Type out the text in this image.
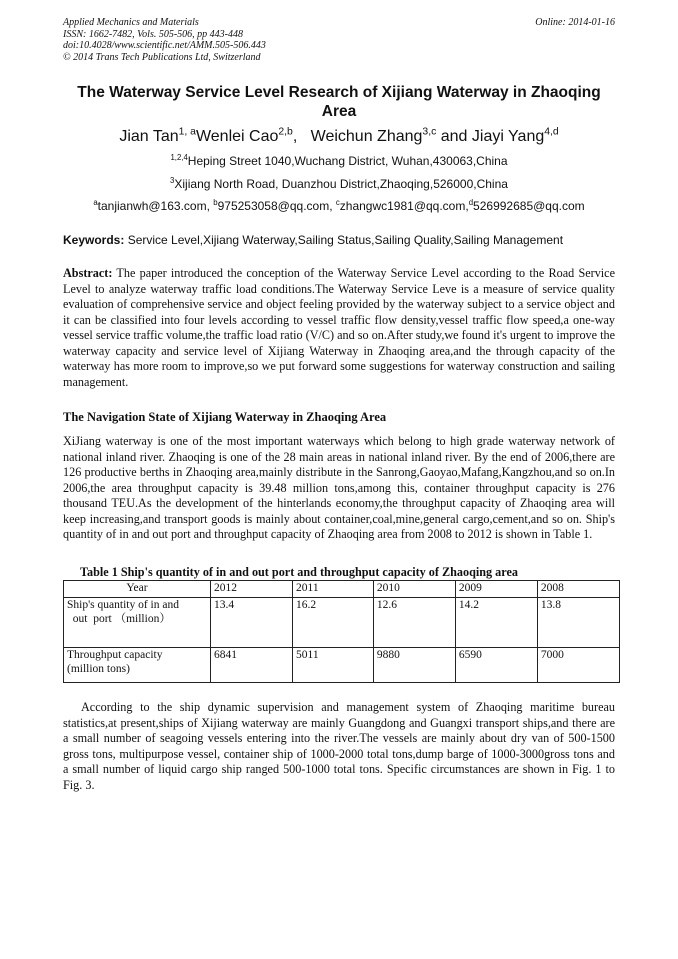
Applied Mechanics and Materials
ISSN: 1662-7482, Vols. 505-506, pp 443-448
doi:10.4028/www.scientific.net/AMM.505-506.443
© 2014 Trans Tech Publications Ltd, Switzerland
Online: 2014-01-16
The Waterway Service Level Research of Xijiang Waterway in Zhaoqing Area
Jian Tan$^{1, a}$Wenlei Cao$^{2,b}$, Weichun Zhang$^{3,c}$ and Jiayi Yang$^{4,d}$
$^{1,2,4}$Heping Street 1040,Wuchang District, Wuhan,430063,China
$^3$Xijiang North Road, Duanzhou District,Zhaoqing,526000,China
$^a$tanjianwh@163.com, $^b$975253058@qq.com, $^c$zhangwc1981@qq.com,$^d$526992685@qq.com
Keywords: Service Level,Xijiang Waterway,Sailing Status,Sailing Quality,Sailing Management
Abstract: The paper introduced the conception of the Waterway Service Level according to the Road Service Level to analyze waterway traffic load conditions.The Waterway Service Leve is a measure of service quality evaluation of comprehensive service and object feeling provided by the waterway subject to a service object and it can be classified into four levels according to vessel traffic flow density,vessel traffic flow speed,a one-way vessel service traffic volume,the traffic load ratio (V/C) and so on.After study,we found it's urgent to improve the waterway capacity and service level of Xijiang Waterway in Zhaoqing area,and the through capacity of the waterway has more room to improve,so we put forward some suggestions for waterway construction and sailing management.
The Navigation State of Xijiang Waterway in Zhaoqing Area
XiJiang waterway is one of the most important waterways which belong to high grade waterway network of national inland river. Zhaoqing is one of the 28 main areas in national inland river. By the end of 2006,there are 126 productive berths in Zhaoqing area,mainly distribute in the Sanrong,Gaoyao,Mafang,Kangzhou,and so on.In 2006,the area throughput capacity is 39.48 million tons,among this, container throughput capacity is 276 thousand TEU.As the development of the hinterlands economy,the throughput capacity of Zhaoqing area will keep increasing,and transport goods is mainly about container,coal,mine,general cargo,cement,and so on. Ship's quantity of in and out port and throughput capacity of Zhaoqing area from 2008 to 2012 is shown in Table 1.
Table 1 Ship's quantity of in and out port and throughput capacity of Zhaoqing area
Year	2012	2011	2010	2009	2008

Ship's quantity of in and
out  port （million）	13.4	16.2	12.6	14.2	13.8

Throughput capacity
(million tons)	6841	5011	9880	6590	7000
According to the ship dynamic supervision and management system of Zhaoqing maritime bureau statistics,at present,ships of Xijiang waterway are mainly Guangdong and Guangxi transport ships,and there are a small number of seagoing vessels entering into the river.The vessels are mainly about dry van of 500-1500 gross tons, multipurpose vessel, container ship of 1000-2000 total tons,dump barge of 1000-3000gross tons and a small number of liquid cargo ship ranged 500-1000 total tons. Specific circumstances are shown in Fig. 1 to Fig. 3.
